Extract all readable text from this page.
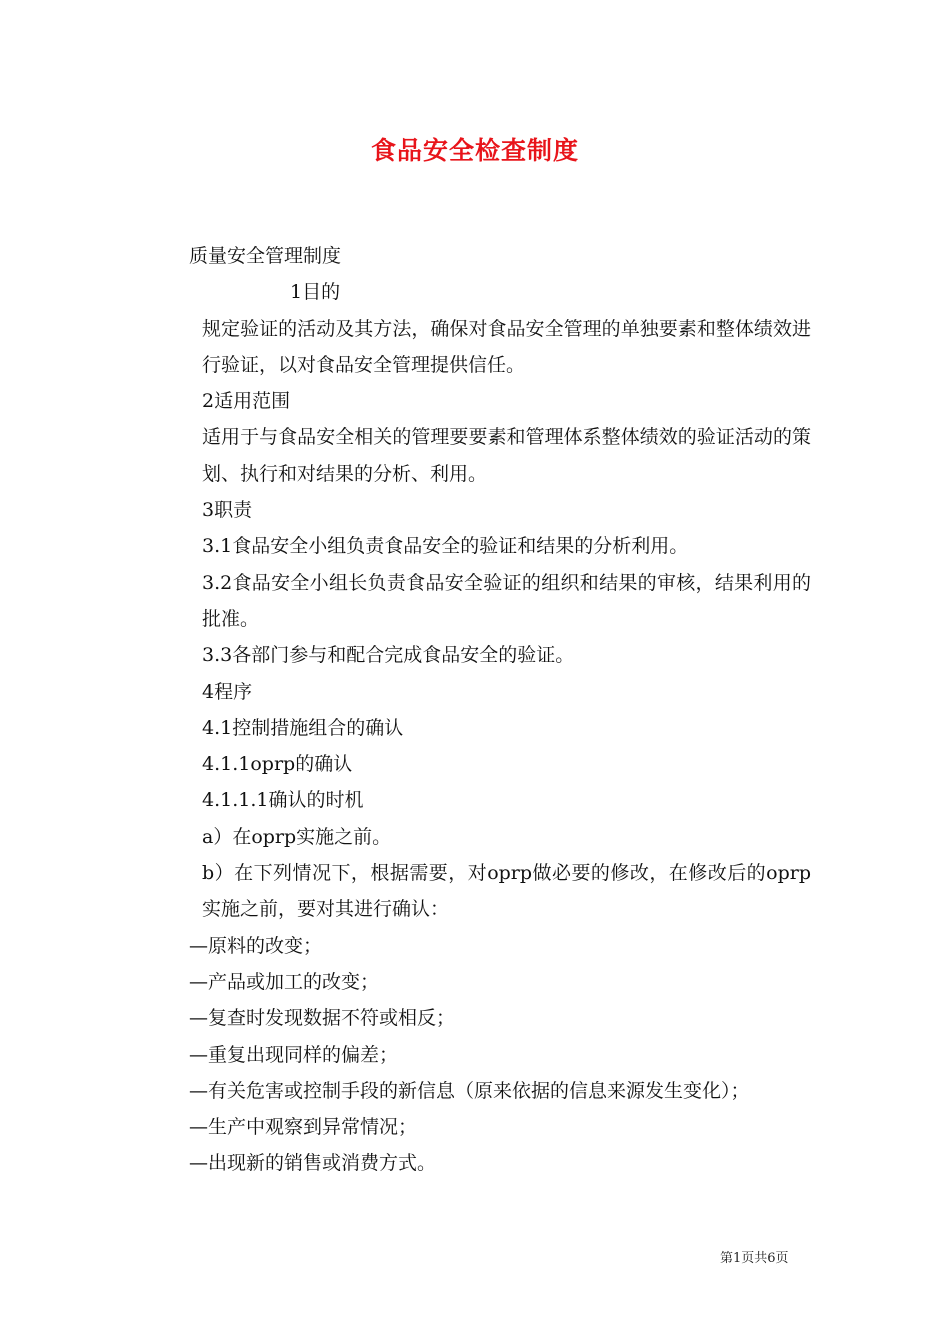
食品安全检查制度

质量安全管理制度

1目的

规定验证的活动及其方法，确保对食品安全管理的单独要素和整体绩效进行验证，以对食品安全管理提供信任。

2适用范围

适用于与食品安全相关的管理要要素和管理体系整体绩效的验证活动的策划、执行和对结果的分析、利用。

3职责

3.1食品安全小组负责食品安全的验证和结果的分析利用。

3.2食品安全小组长负责食品安全验证的组织和结果的审核，结果利用的批准。

3.3各部门参与和配合完成食品安全的验证。

4程序

4.1控制措施组合的确认

4.1.1oprp的确认

4.1.1.1确认的时机

a）在oprp实施之前。

b）在下列情况下，根据需要，对oprp做必要的修改，在修改后的oprp实施之前，要对其进行确认：

—原料的改变；

—产品或加工的改变；

—复查时发现数据不符或相反；

—重复出现同样的偏差；

—有关危害或控制手段的新信息（原来依据的信息来源发生变化）；

—生产中观察到异常情况；

—出现新的销售或消费方式。

第1页共6页
